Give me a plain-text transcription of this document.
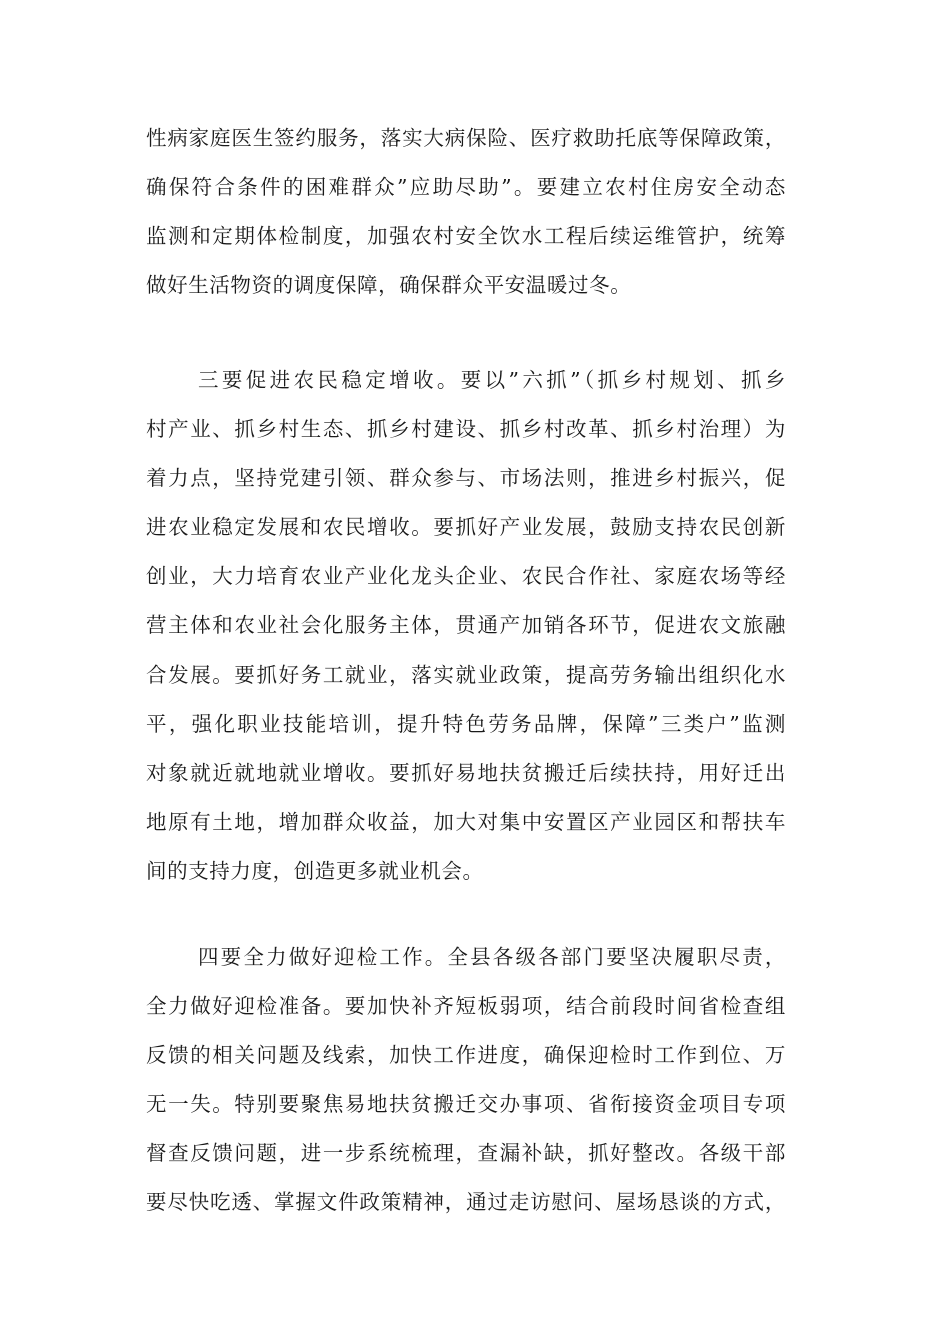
性病家庭医生签约服务，落实大病保险、医疗救助托底等保障政策，
确保符合条件的困难群众”应助尽助”。要建立农村住房安全动态
监测和定期体检制度，加强农村安全饮水工程后续运维管护，统筹
做好生活物资的调度保障，确保群众平安温暖过冬。
三要促进农民稳定增收。要以”六抓”（抓乡村规划、抓乡
村产业、抓乡村生态、抓乡村建设、抓乡村改革、抓乡村治理）为
着力点，坚持党建引领、群众参与、市场法则，推进乡村振兴，促
进农业稳定发展和农民增收。要抓好产业发展，鼓励支持农民创新
创业，大力培育农业产业化龙头企业、农民合作社、家庭农场等经
营主体和农业社会化服务主体，贯通产加销各环节，促进农文旅融
合发展。要抓好务工就业，落实就业政策，提高劳务输出组织化水
平，强化职业技能培训，提升特色劳务品牌，保障”三类户”监测
对象就近就地就业增收。要抓好易地扶贫搬迁后续扶持，用好迁出
地原有土地，增加群众收益，加大对集中安置区产业园区和帮扶车
间的支持力度，创造更多就业机会。
四要全力做好迎检工作。全县各级各部门要坚决履职尽责，
全力做好迎检准备。要加快补齐短板弱项，结合前段时间省检查组
反馈的相关问题及线索，加快工作进度，确保迎检时工作到位、万
无一失。特别要聚焦易地扶贫搬迁交办事项、省衔接资金项目专项
督查反馈问题，进一步系统梳理，查漏补缺，抓好整改。各级干部
要尽快吃透、掌握文件政策精神，通过走访慰问、屋场恳谈的方式，
